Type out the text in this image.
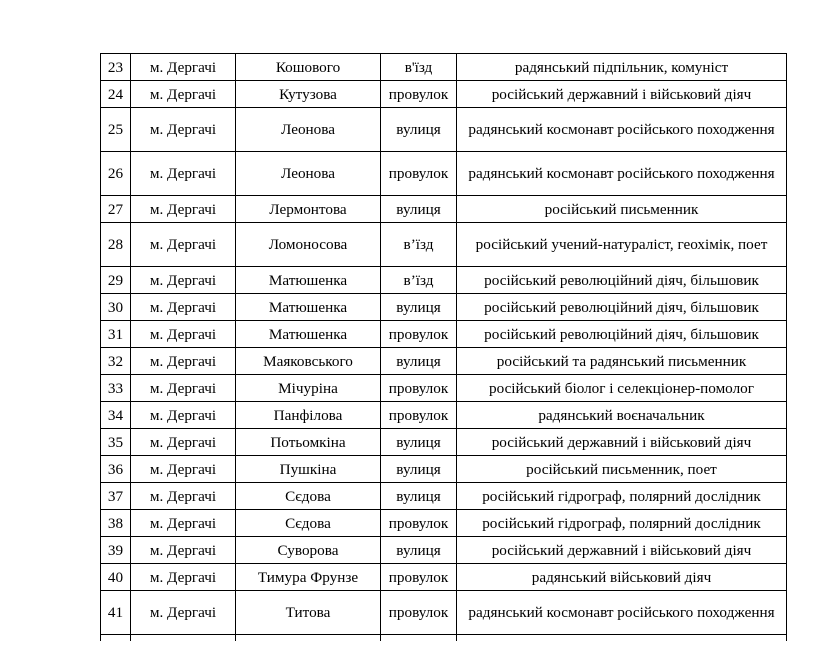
23	м. Дергачі	Кошового	в'їзд	радянський підпільник, комуніст
24	м. Дергачі	Кутузова	провулок	російський державний і військовий діяч
25	м. Дергачі	Леонова	вулиця	радянський космонавт російського походження
26	м. Дергачі	Леонова	провулок	радянський космонавт російського походження
27	м. Дергачі	Лермонтова	вулиця	російський письменник
28	м. Дергачі	Ломоносова	в’їзд	російський учений-натураліст, геохімік, поет
29	м. Дергачі	Матюшенка	в’їзд	російський революційний діяч, більшовик
30	м. Дергачі	Матюшенка	вулиця	російський революційний діяч, більшовик
31	м. Дергачі	Матюшенка	провулок	російський революційний діяч, більшовик
32	м. Дергачі	Маяковського	вулиця	російський та радянський письменник
33	м. Дергачі	Мічуріна	провулок	російський біолог і селекціонер-помолог
34	м. Дергачі	Панфілова	провулок	радянський воєначальник
35	м. Дергачі	Потьомкіна	вулиця	російський державний і військовий діяч
36	м. Дергачі	Пушкіна	вулиця	російський письменник, поет
37	м. Дергачі	Сєдова	вулиця	російський гідрограф, полярний дослідник
38	м. Дергачі	Сєдова	провулок	російський гідрограф, полярний дослідник
39	м. Дергачі	Суворова	вулиця	російський державний і військовий діяч
40	м. Дергачі	Тимура Фрунзе	провулок	радянський військовий діяч
41	м. Дергачі	Титова	провулок	радянський космонавт російського походження
